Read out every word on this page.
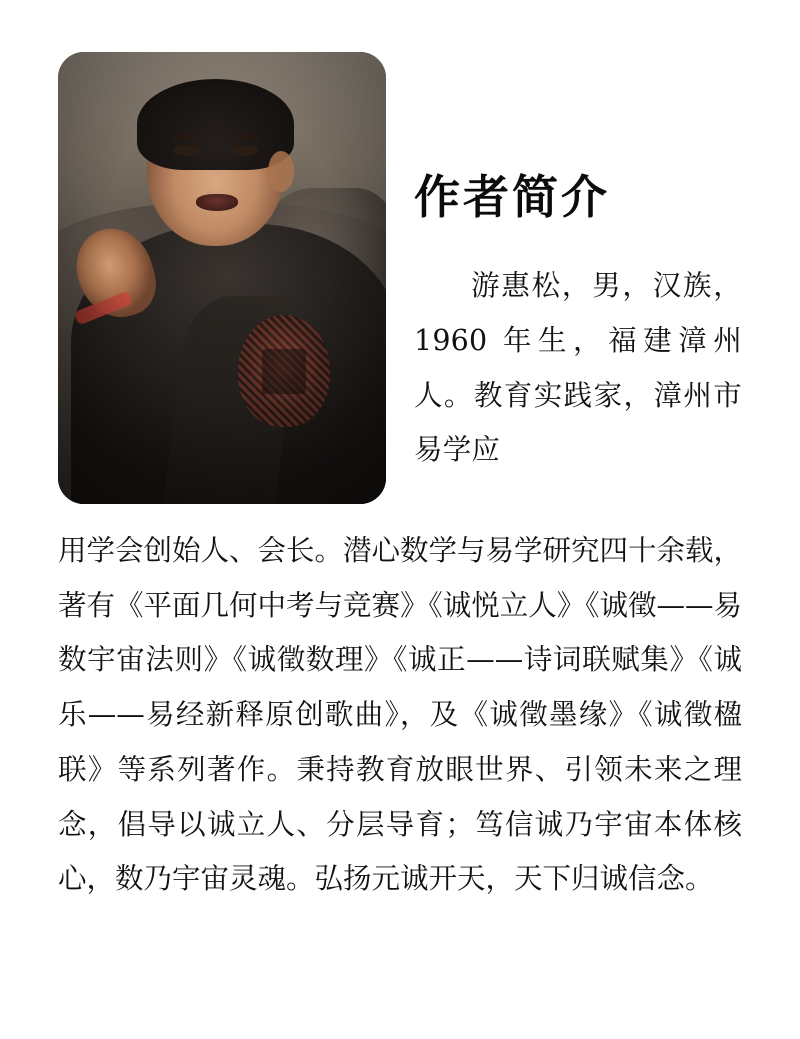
作者简介

游惠松，男，汉族，1960 年生，福建漳州人。教育实践家，漳州市易学应

用学会创始人、会长。潜心数学与易学研究四十余载，著有《平面几何中考与竞赛》《诚悦立人》《诚徵——易数宇宙法则》《诚徵数理》《诚正——诗词联赋集》《诚乐——易经新释原创歌曲》，及《诚徵墨缘》《诚徵楹联》等系列著作。秉持教育放眼世界、引领未来之理念，倡导以诚立人、分层导育；笃信诚乃宇宙本体核心，数乃宇宙灵魂。弘扬元诚开天，天下归诚信念。
